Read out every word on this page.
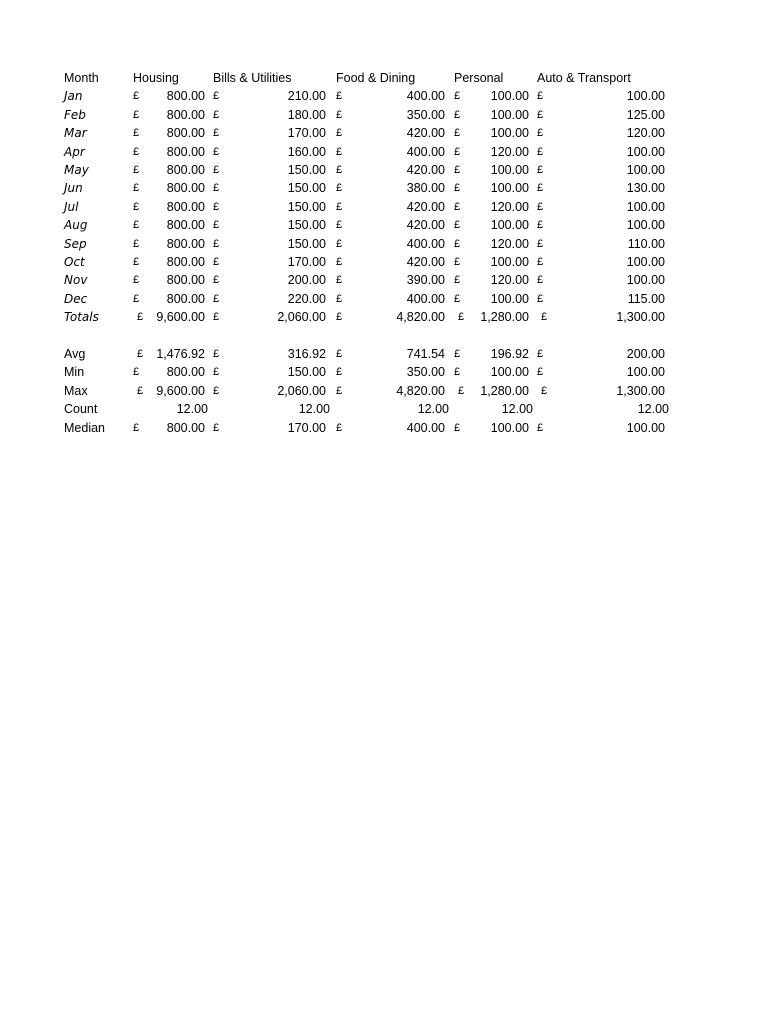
Month	Housing	Bills & Utilities	Food & Dining	Personal	Auto & Transport
Jan	£	800.00 £	210.00 £	400.00 £	100.00 £	100.00
Feb	£	800.00 £	180.00 £	350.00 £	100.00 £	125.00
Mar	£	800.00 £	170.00 £	420.00 £	100.00 £	120.00
Apr	£	800.00 £	160.00 £	400.00 £	120.00 £	100.00
May	£	800.00 £	150.00 £	420.00 £	100.00 £	100.00
Jun	£	800.00 £	150.00 £	380.00 £	100.00 £	130.00
Jul	£	800.00 £	150.00 £	420.00 £	120.00 £	100.00
Aug	£	800.00 £	150.00 £	420.00 £	100.00 £	100.00
Sep	£	800.00 £	150.00 £	400.00 £	120.00 £	110.00
Oct	£	800.00 £	170.00 £	420.00 £	100.00 £	100.00
Nov	£	800.00 £	200.00 £	390.00 £	120.00 £	100.00
Dec	£	800.00 £	220.00 £	400.00 £	100.00 £	115.00
Totals	£	9,600.00 £	2,060.00 £	4,820.00 £	1,280.00 £	1,300.00
Avg	£	1,476.92 £	316.92 £	741.54 £	196.92 £	200.00
Min	£	800.00 £	150.00 £	350.00 £	100.00 £	100.00
Max	£	9,600.00 £	2,060.00 £	4,820.00 £	1,280.00 £	1,300.00
Count	12.00	12.00	12.00	12.00	12.00
Median	£	800.00 £	170.00 £	400.00 £	100.00 £	100.00
